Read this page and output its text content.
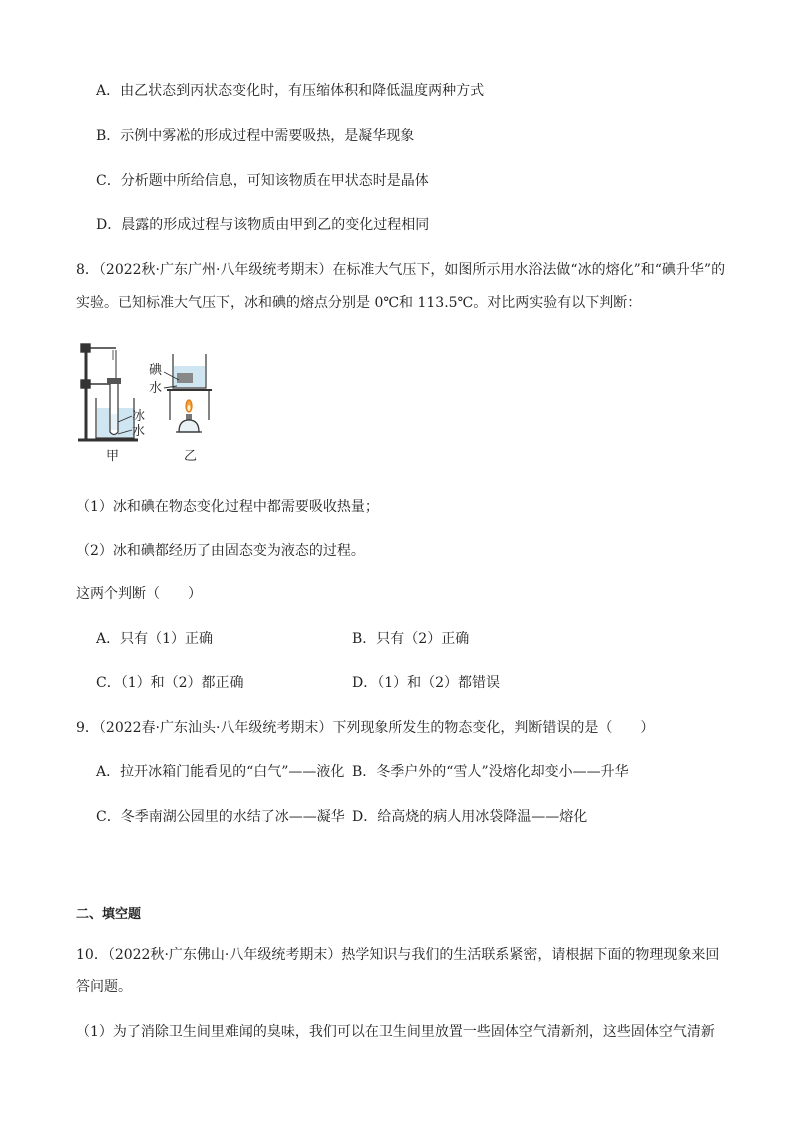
A．由乙状态到丙状态变化时，有压缩体积和降低温度两种方式
B．示例中雾凇的形成过程中需要吸热，是凝华现象
C．分析题中所给信息，可知该物质在甲状态时是晶体
D．晨露的形成过程与该物质由甲到乙的变化过程相同
8．（2022秋·广东广州·八年级统考期末）在标准大气压下，如图所示用水浴法做“冰的熔化”和“碘升华”的
实验。已知标准大气压下，冰和碘的熔点分别是 0℃和 113.5℃。对比两实验有以下判断：
冰
水
碘
水
甲	乙
（1）冰和碘在物态变化过程中都需要吸收热量；
（2）冰和碘都经历了由固态变为液态的过程。
这两个判断（　　）
A．只有（1）正确	B．只有（2）正确
C．（1）和（2）都正确	D．（1）和（2）都错误
9．（2022春·广东汕头·八年级统考期末）下列现象所发生的物态变化，判断错误的是（　　）
A．拉开冰箱门能看见的“白气”——液化 B．冬季户外的“雪人”没熔化却变小——升华
C．冬季南湖公园里的水结了冰——凝华 D．给高烧的病人用冰袋降温——熔化
二、填空题
10．（2022秋·广东佛山·八年级统考期末）热学知识与我们的生活联系紧密，请根据下面的物理现象来回
答问题。
（1）为了消除卫生间里难闻的臭味，我们可以在卫生间里放置一些固体空气清新剂，这些固体空气清新
